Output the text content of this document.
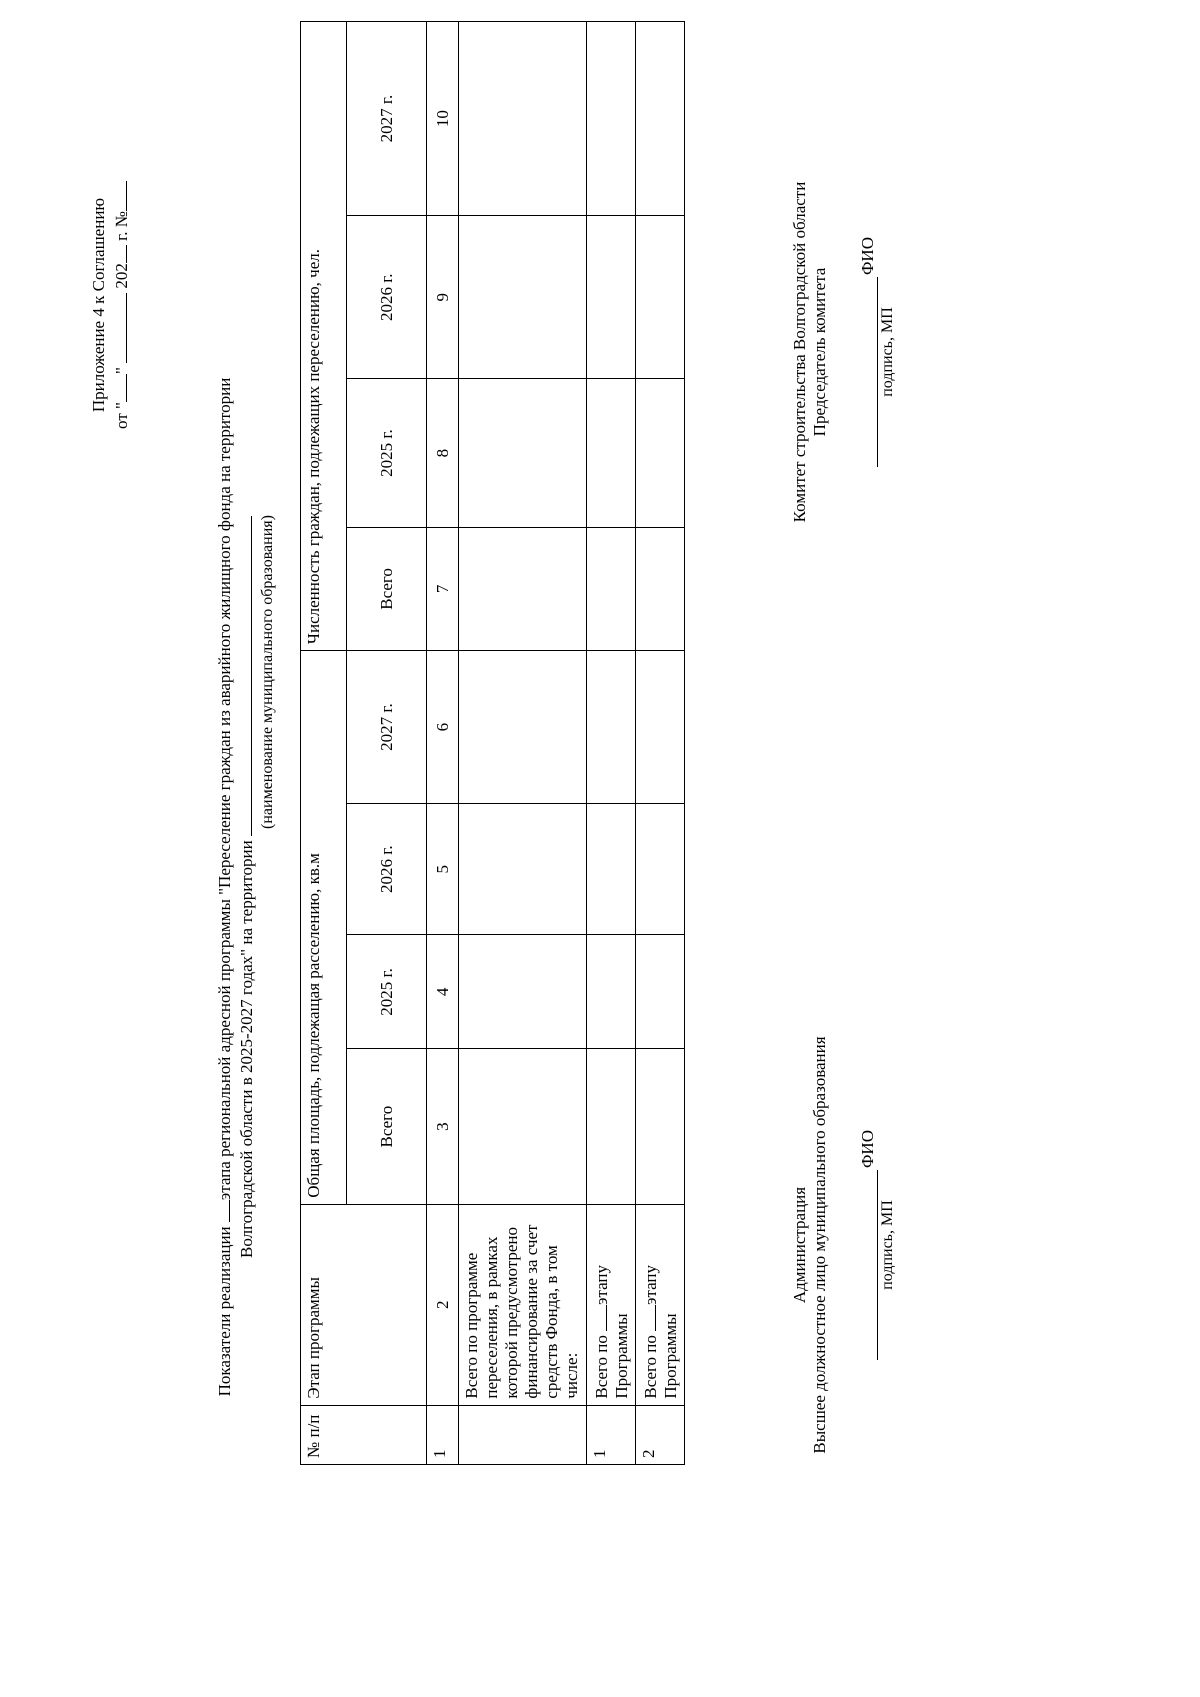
Приложение 4 к Соглашению
от ""  202 г. №
Показатели реализации этапа региональной адресной программы "Переселение граждан из аварийного жилищного фонда на территории Волгоградской области в 2025-2027 годах" на территории
(наименование муниципального образования)
№ п/п	Этап программы	Общая площадь, подлежащая расселению, кв.м				Численность граждан, подлежащих переселению, чел.			
		Всего	2025 г.	2026 г.	2027 г.	Всего	2025 г.	2026 г.	2027 г.
1	2	3	4	5	6	7	8	9	10
	Всего по программе переселения, в рамках которой предусмотрено финансирование за счет средств Фонда, в том числе:								
1	Всего по этапу Программы								
2	Всего по этапу Программы								
Администрация Высшее должностное лицо муниципального образования ФИО
подпись, МП
Комитет строительства Волгоградской области Председатель комитета
ФИО
подпись, МП
